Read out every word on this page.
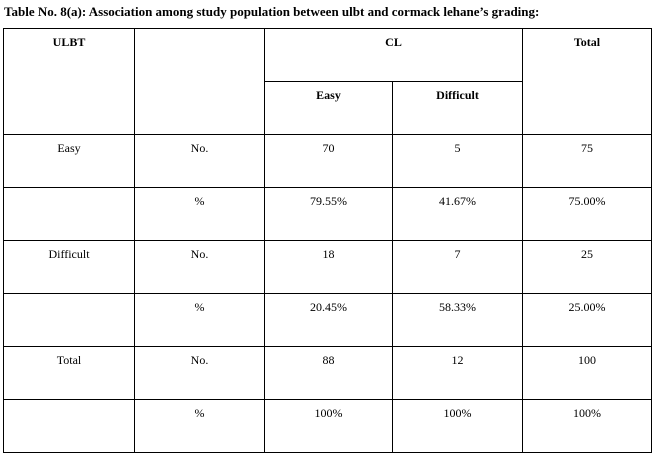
Table No. 8(a): Association among study population between ulbt and cormack lehane’s grading:
ULBT		CL		Total

		Easy	Difficult	

Easy	No.	70	5	75

	%	79.55%	41.67%	75.00%

Difficult	No.	18	7	25

	%	20.45%	58.33%	25.00%

Total	No.	88	12	100

	%	100%	100%	100%
